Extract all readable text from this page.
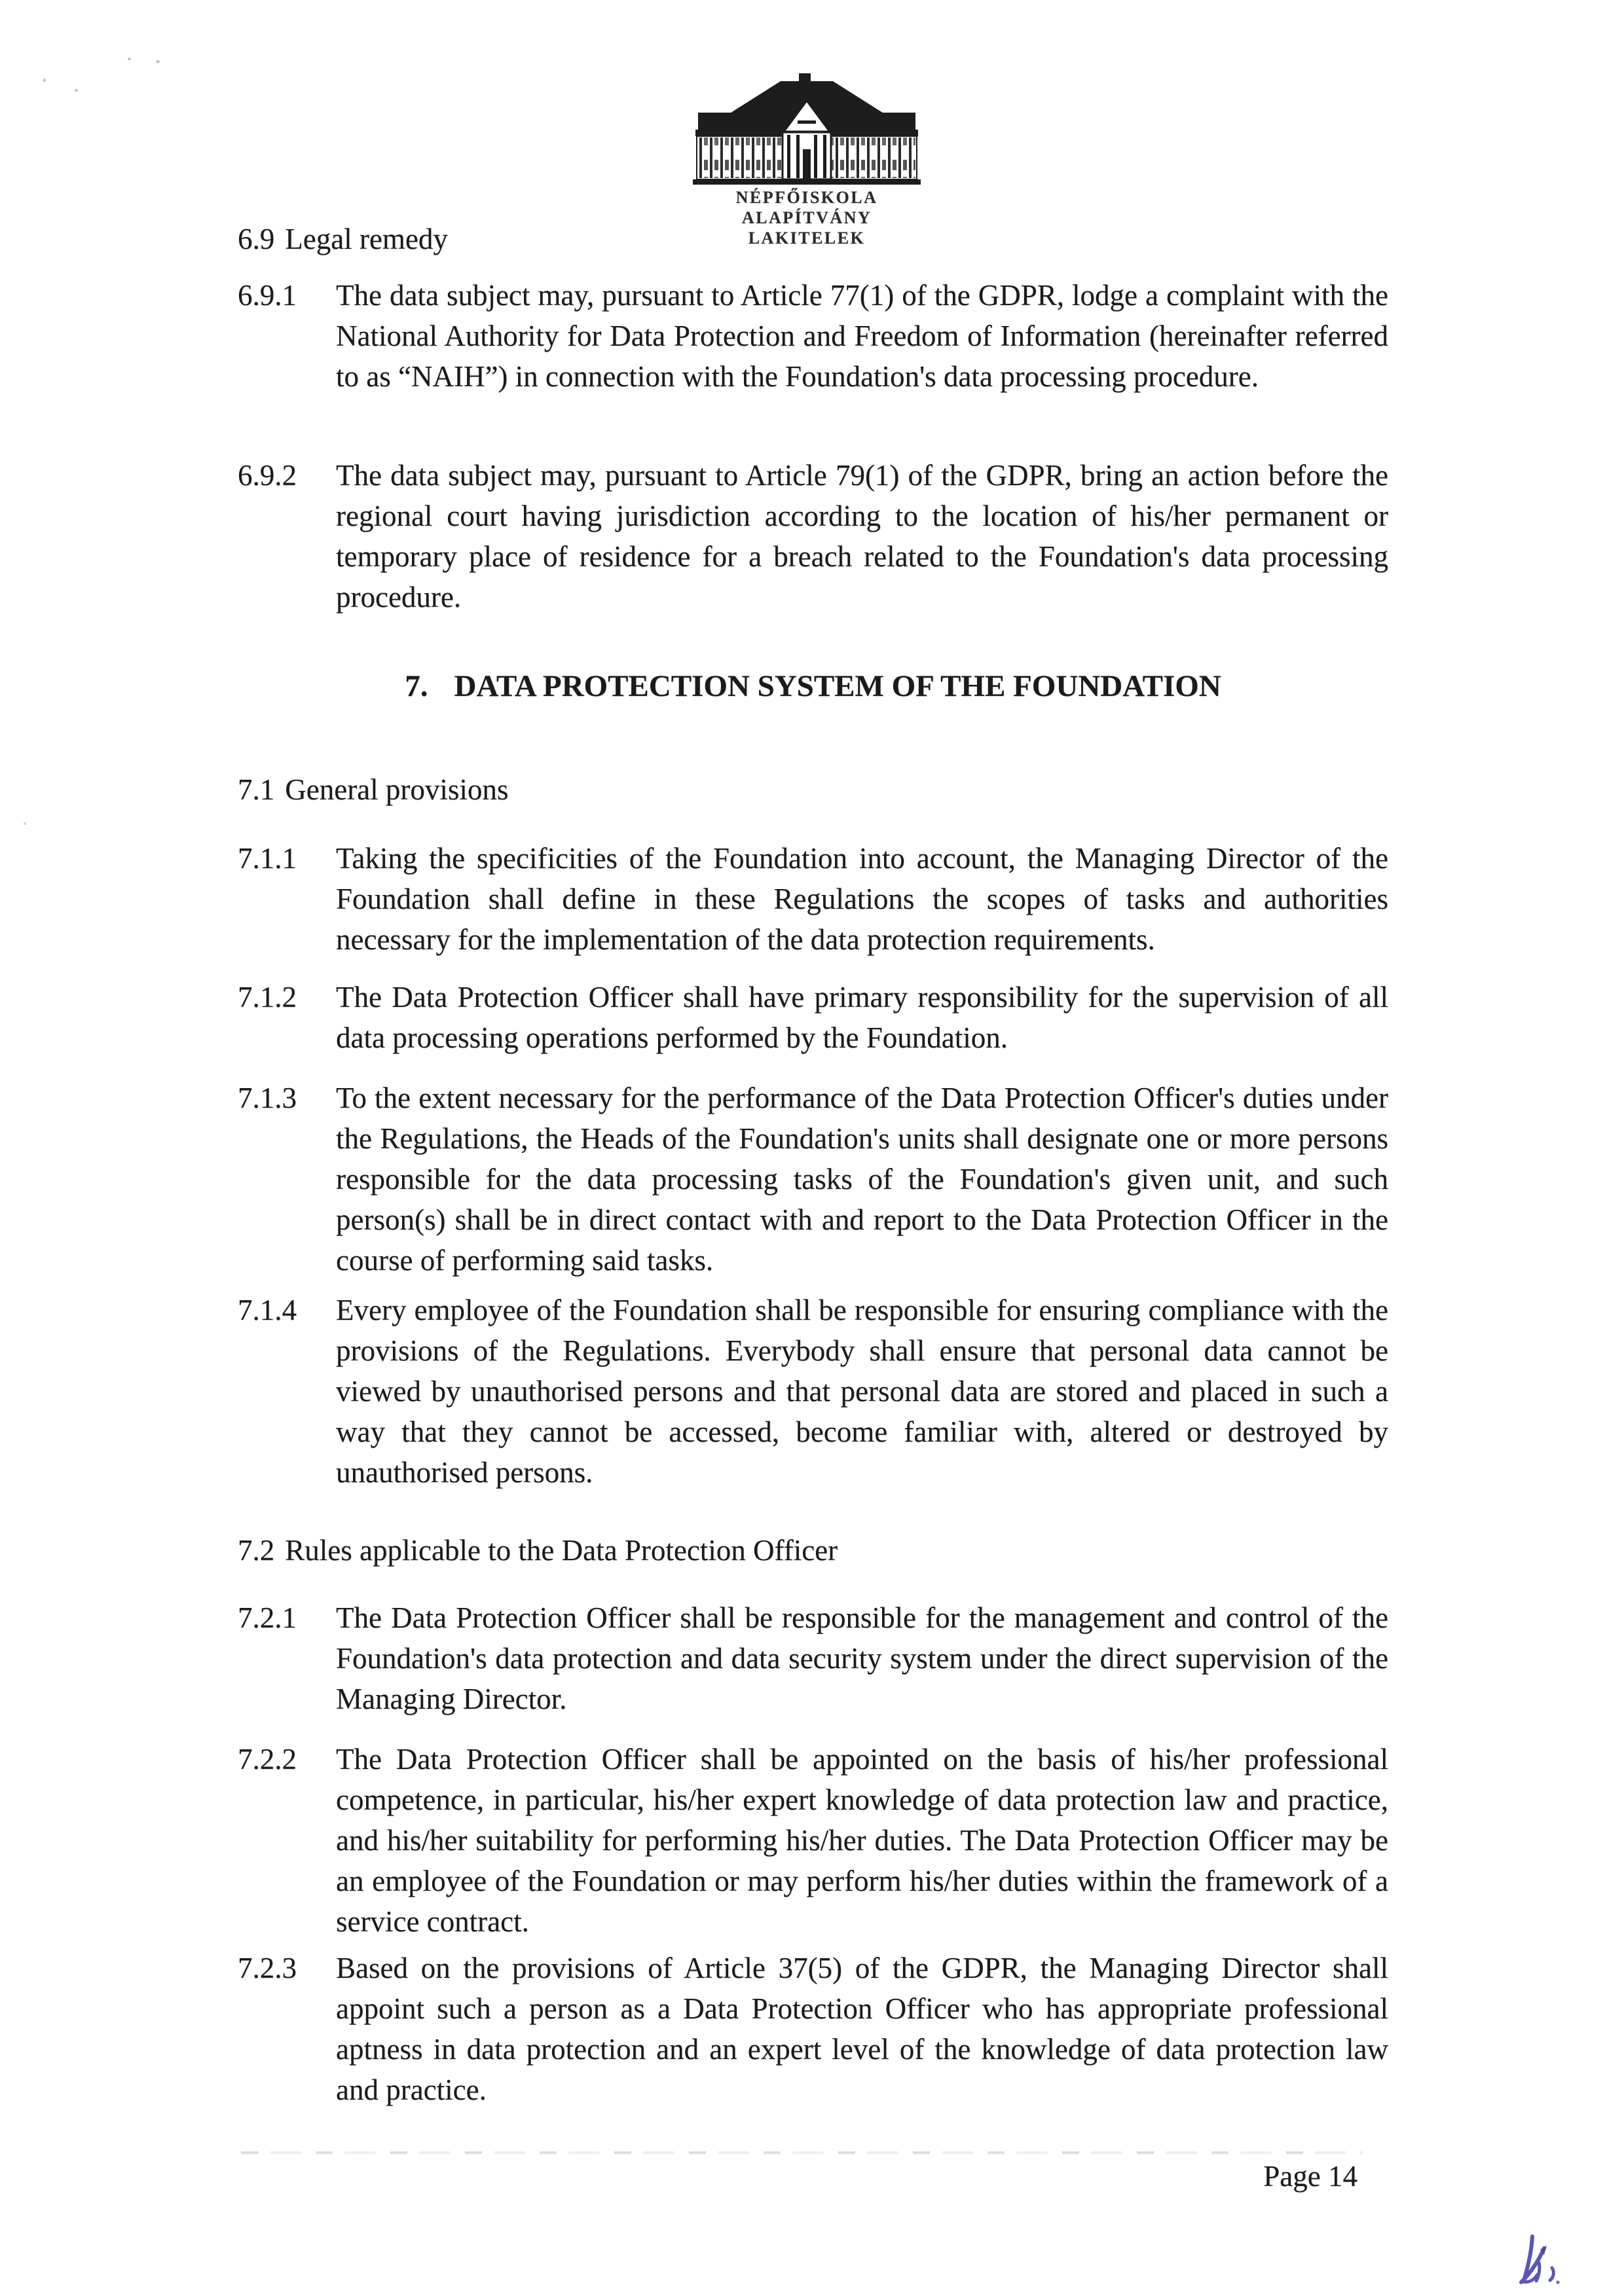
NÉPFŐISKOLA ALAPÍTVÁNY
LAKITELEK
6.9 Legal remedy
6.9.1	The data subject may, pursuant to Article 77(1) of the GDPR, lodge a complaint with the National Authority for Data Protection and Freedom of Information (hereinafter referred to as “NAIH”) in connection with the Foundation's data processing procedure.
6.9.2	The data subject may, pursuant to Article 79(1) of the GDPR, bring an action before the regional court having jurisdiction according to the location of his/her permanent or temporary place of residence for a breach related to the Foundation's data processing procedure.
7. DATA PROTECTION SYSTEM OF THE FOUNDATION
7.1 General provisions
7.1.1	Taking the specificities of the Foundation into account, the Managing Director of the Foundation shall define in these Regulations the scopes of tasks and authorities necessary for the implementation of the data protection requirements.
7.1.2	The Data Protection Officer shall have primary responsibility for the supervision of all data processing operations performed by the Foundation.
7.1.3	To the extent necessary for the performance of the Data Protection Officer's duties under the Regulations, the Heads of the Foundation's units shall designate one or more persons responsible for the data processing tasks of the Foundation's given unit, and such person(s) shall be in direct contact with and report to the Data Protection Officer in the course of performing said tasks.
7.1.4	Every employee of the Foundation shall be responsible for ensuring compliance with the provisions of the Regulations. Everybody shall ensure that personal data cannot be viewed by unauthorised persons and that personal data are stored and placed in such a way that they cannot be accessed, become familiar with, altered or destroyed by unauthorised persons.
7.2 Rules applicable to the Data Protection Officer
7.2.1	The Data Protection Officer shall be responsible for the management and control of the Foundation's data protection and data security system under the direct supervision of the Managing Director.
7.2.2	The Data Protection Officer shall be appointed on the basis of his/her professional competence, in particular, his/her expert knowledge of data protection law and practice, and his/her suitability for performing his/her duties. The Data Protection Officer may be an employee of the Foundation or may perform his/her duties within the framework of a service contract.
7.2.3	Based on the provisions of Article 37(5) of the GDPR, the Managing Director shall appoint such a person as a Data Protection Officer who has appropriate professional aptness in data protection and an expert level of the knowledge of data protection law and practice.
Page 14
